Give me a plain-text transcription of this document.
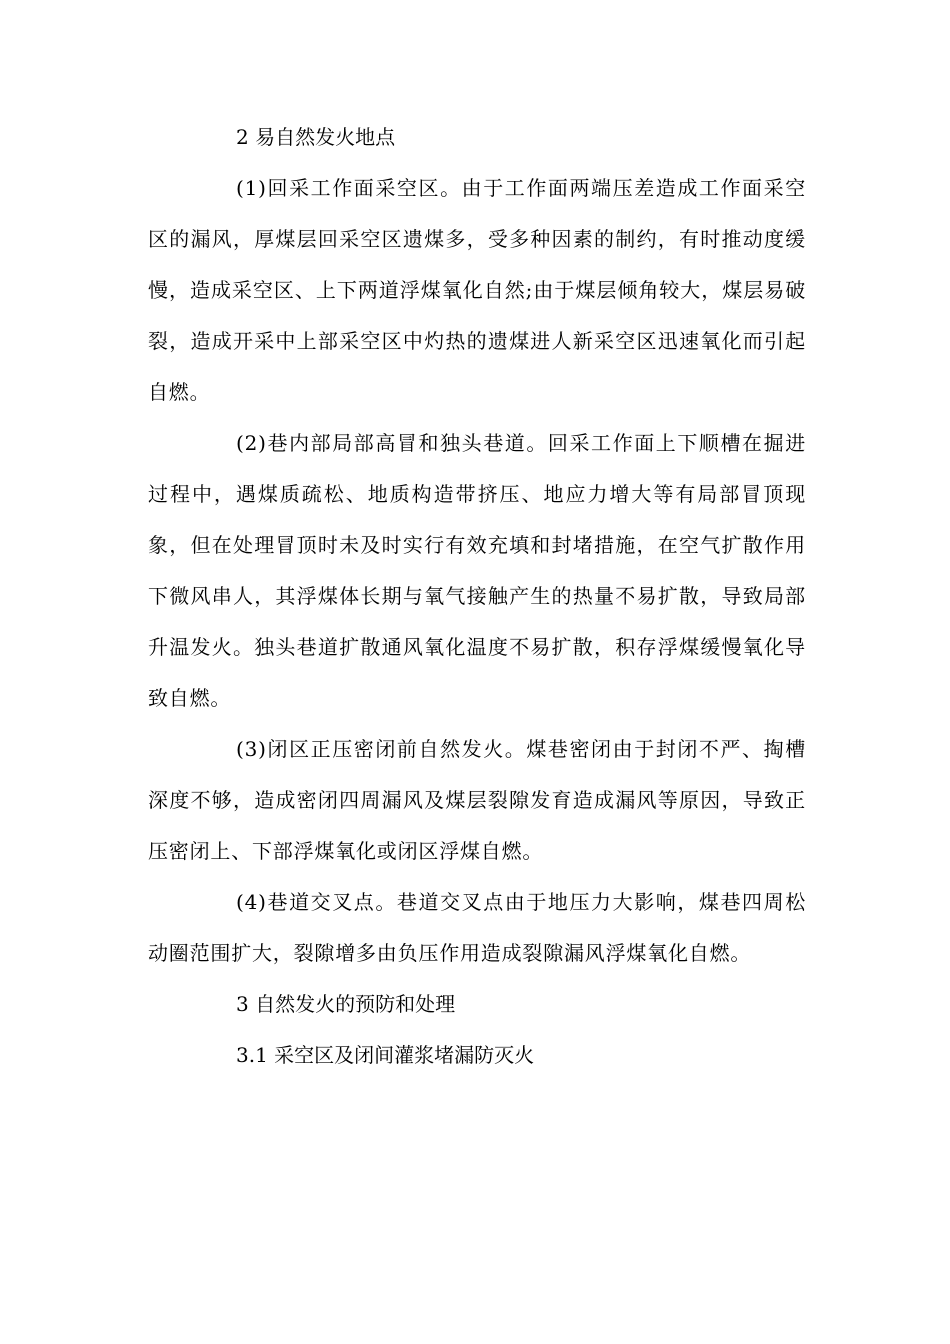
2 易自然发火地点

(1)回采工作面采空区。由于工作面两端压差造成工作面采空区的漏风，厚煤层回采空区遗煤多，受多种因素的制约，有时推动度缓慢，造成采空区、上下两道浮煤氧化自然;由于煤层倾角较大，煤层易破裂，造成开采中上部采空区中灼热的遗煤进人新采空区迅速氧化而引起自燃。

(2)巷内部局部高冒和独头巷道。回采工作面上下顺槽在掘进过程中，遇煤质疏松、地质构造带挤压、地应力增大等有局部冒顶现象，但在处理冒顶时未及时实行有效充填和封堵措施，在空气扩散作用下微风串人，其浮煤体长期与氧气接触产生的热量不易扩散，导致局部升温发火。独头巷道扩散通风氧化温度不易扩散，积存浮煤缓慢氧化导致自燃。

(3)闭区正压密闭前自然发火。煤巷密闭由于封闭不严、掏槽深度不够，造成密闭四周漏风及煤层裂隙发育造成漏风等原因，导致正压密闭上、下部浮煤氧化或闭区浮煤自燃。

(4)巷道交叉点。巷道交叉点由于地压力大影响，煤巷四周松动圈范围扩大，裂隙增多由负压作用造成裂隙漏风浮煤氧化自燃。

3 自然发火的预防和处理

3.1 采空区及闭间灌浆堵漏防灭火
